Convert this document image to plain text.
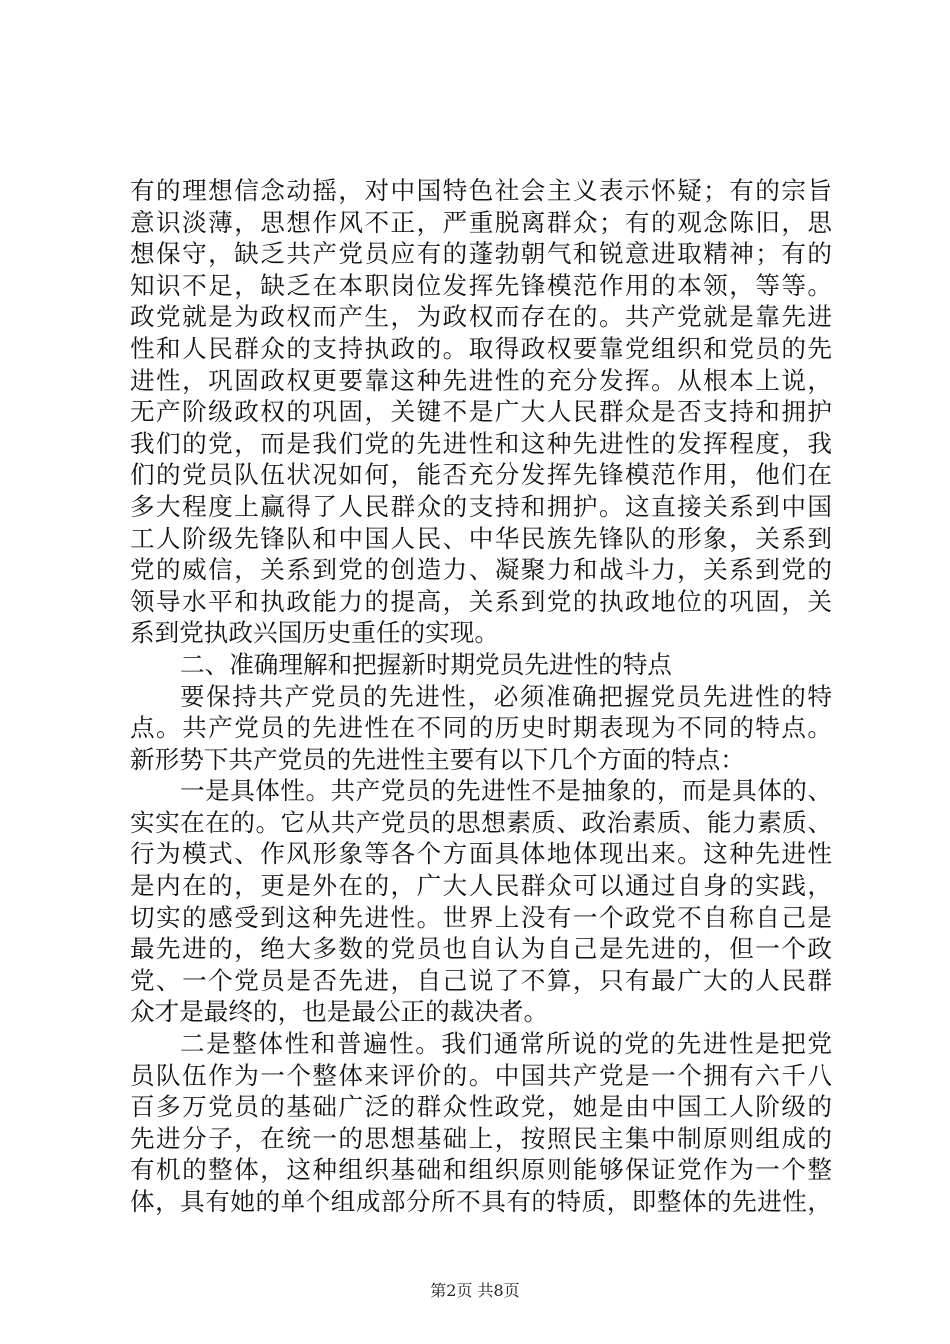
有的理想信念动摇，对中国特色社会主义表示怀疑；有的宗旨
意识淡薄，思想作风不正，严重脱离群众；有的观念陈旧，思
想保守，缺乏共产党员应有的蓬勃朝气和锐意进取精神；有的
知识不足，缺乏在本职岗位发挥先锋模范作用的本领，等等。
政党就是为政权而产生，为政权而存在的。共产党就是靠先进
性和人民群众的支持执政的。取得政权要靠党组织和党员的先
进性，巩固政权更要靠这种先进性的充分发挥。从根本上说，
无产阶级政权的巩固，关键不是广大人民群众是否支持和拥护
我们的党，而是我们党的先进性和这种先进性的发挥程度，我
们的党员队伍状况如何，能否充分发挥先锋模范作用，他们在
多大程度上赢得了人民群众的支持和拥护。这直接关系到中国
工人阶级先锋队和中国人民、中华民族先锋队的形象，关系到
党的威信，关系到党的创造力、凝聚力和战斗力，关系到党的
领导水平和执政能力的提高，关系到党的执政地位的巩固，关
系到党执政兴国历史重任的实现。
二、准确理解和把握新时期党员先进性的特点
要保持共产党员的先进性，必须准确把握党员先进性的特
点。共产党员的先进性在不同的历史时期表现为不同的特点。
新形势下共产党员的先进性主要有以下几个方面的特点：
一是具体性。共产党员的先进性不是抽象的，而是具体的、
实实在在的。它从共产党员的思想素质、政治素质、能力素质、
行为模式、作风形象等各个方面具体地体现出来。这种先进性
是内在的，更是外在的，广大人民群众可以通过自身的实践，
切实的感受到这种先进性。世界上没有一个政党不自称自己是
最先进的，绝大多数的党员也自认为自己是先进的，但一个政
党、一个党员是否先进，自己说了不算，只有最广大的人民群
众才是最终的，也是最公正的裁决者。
二是整体性和普遍性。我们通常所说的党的先进性是把党
员队伍作为一个整体来评价的。中国共产党是一个拥有六千八
百多万党员的基础广泛的群众性政党，她是由中国工人阶级的
先进分子，在统一的思想基础上，按照民主集中制原则组成的
有机的整体，这种组织基础和组织原则能够保证党作为一个整
体，具有她的单个组成部分所不具有的特质，即整体的先进性，
第2页 共8页
